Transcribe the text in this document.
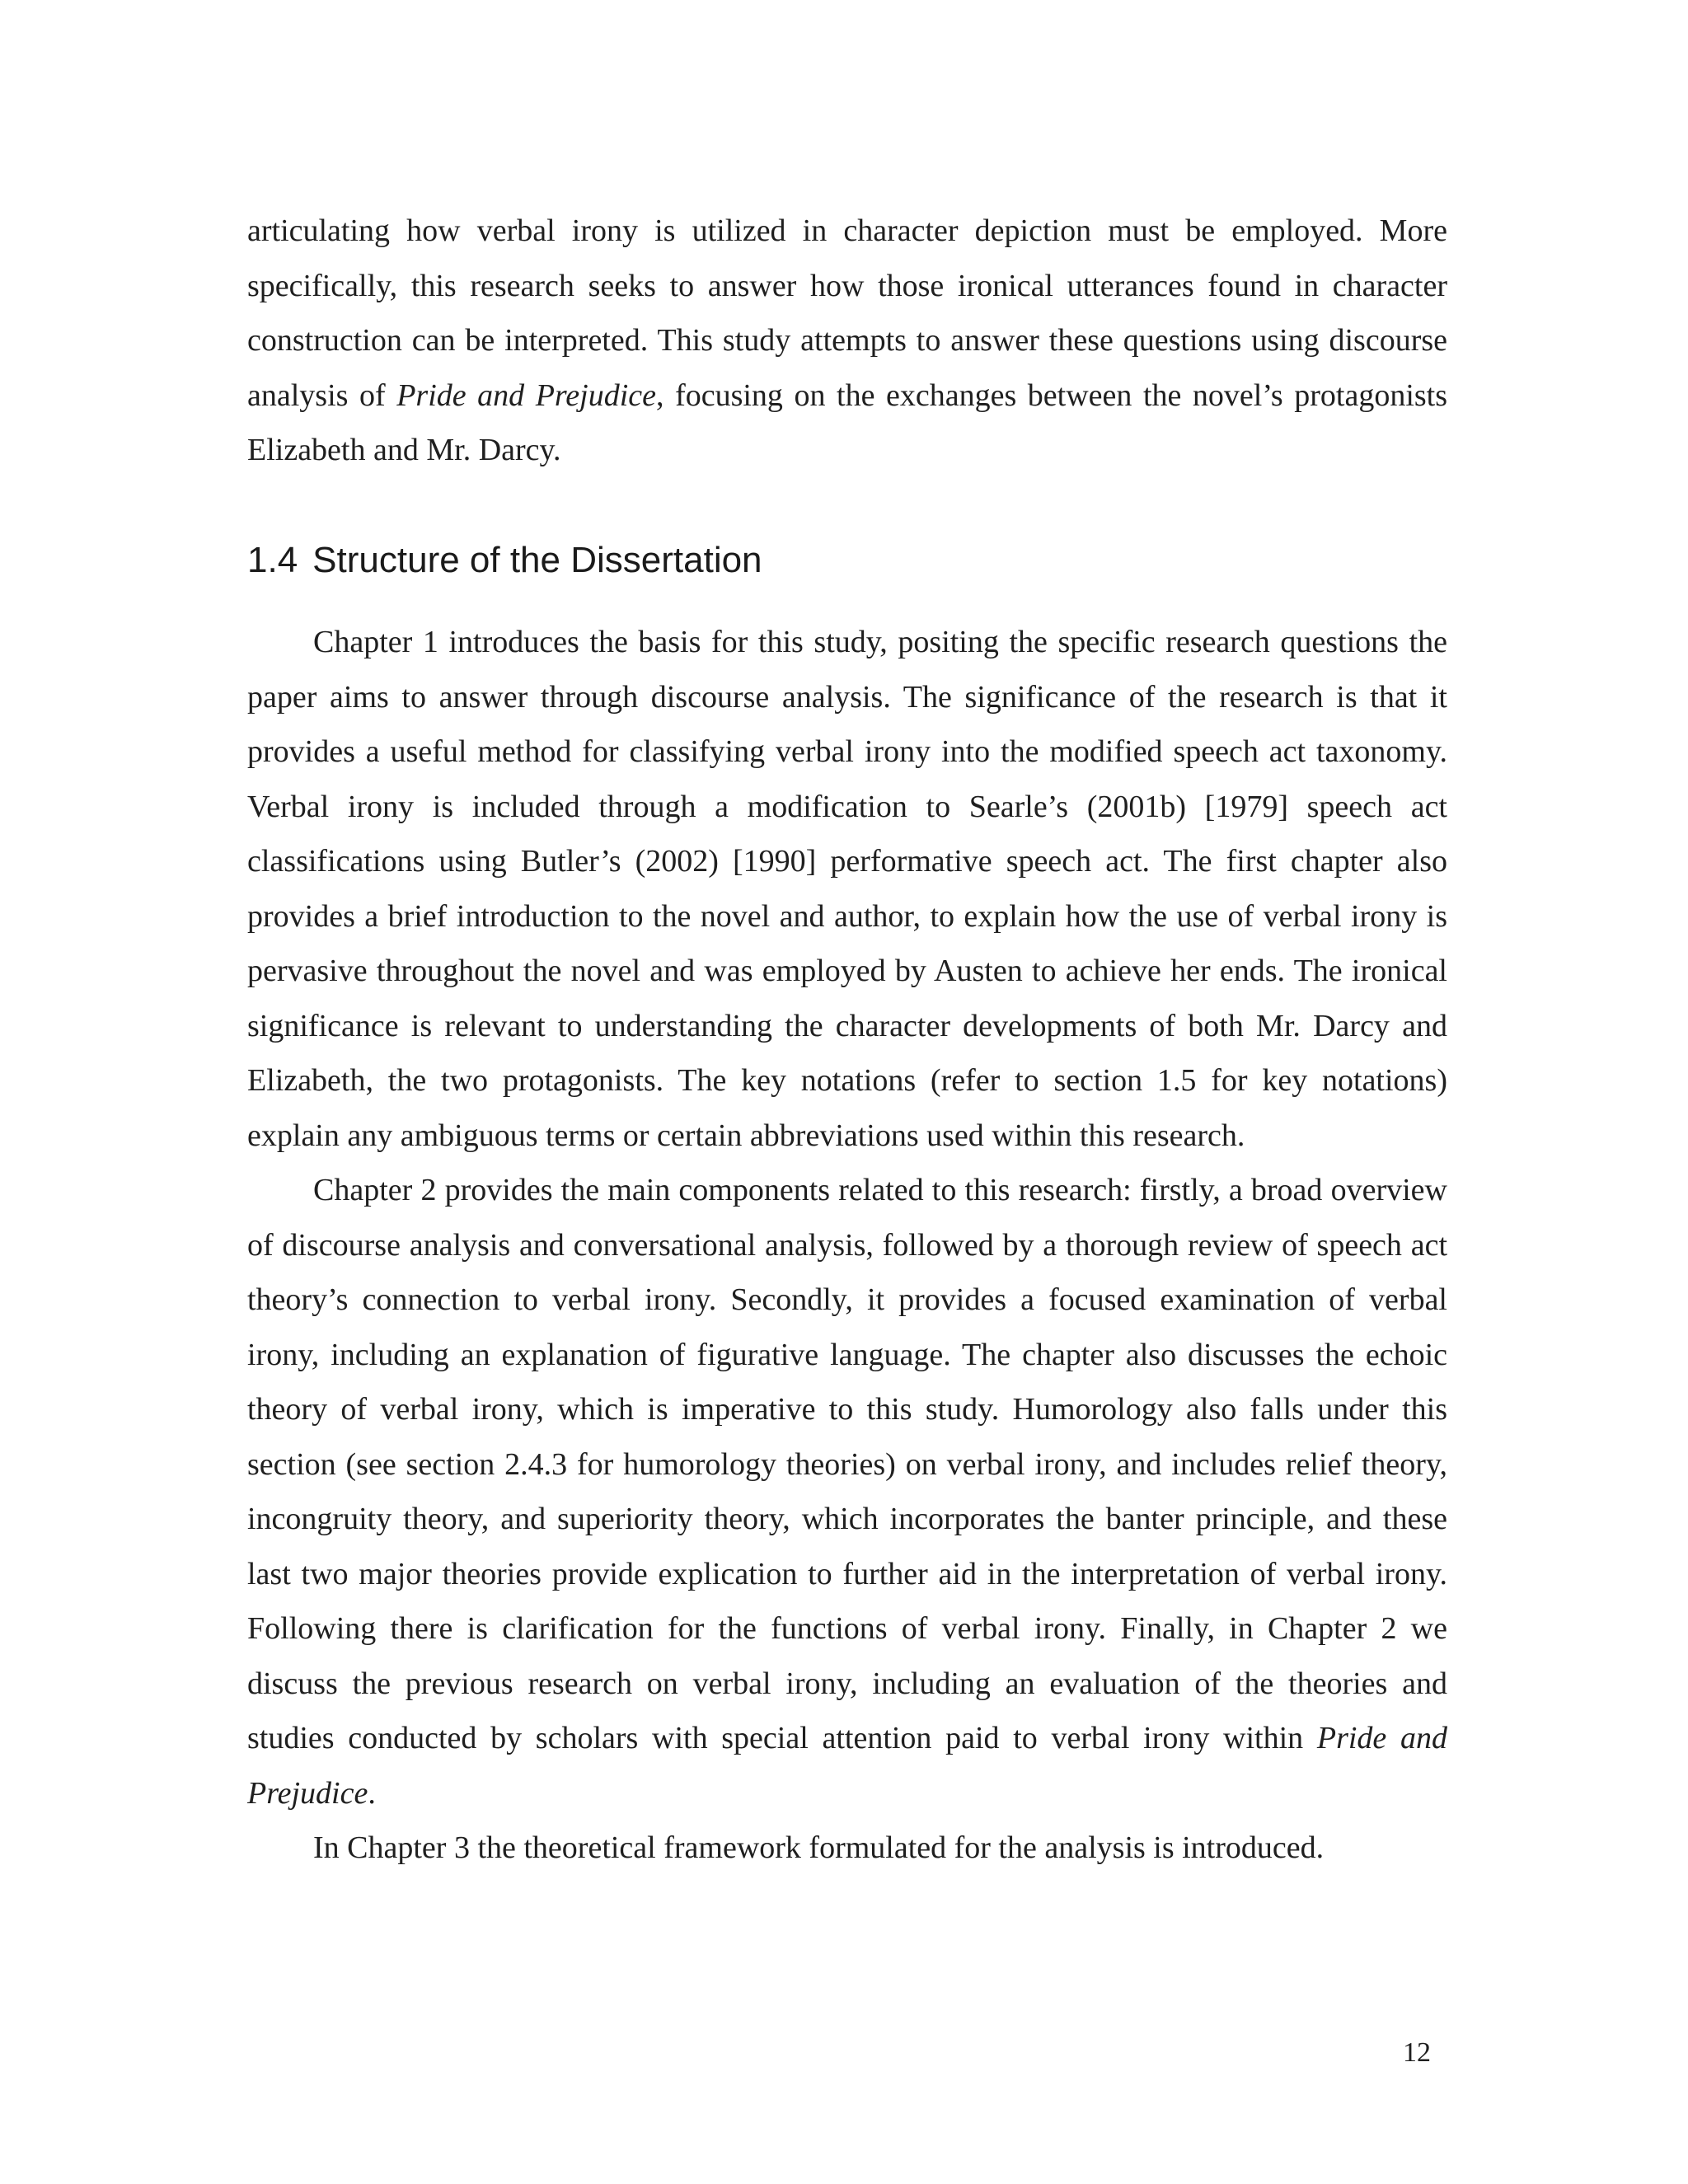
articulating how verbal irony is utilized in character depiction must be employed. More specifically, this research seeks to answer how those ironical utterances found in character construction can be interpreted. This study attempts to answer these questions using discourse analysis of Pride and Prejudice, focusing on the exchanges between the novel’s protagonists Elizabeth and Mr. Darcy.

1.4 Structure of the Dissertation

Chapter 1 introduces the basis for this study, positing the specific research questions the paper aims to answer through discourse analysis. The significance of the research is that it provides a useful method for classifying verbal irony into the modified speech act taxonomy. Verbal irony is included through a modification to Searle’s (2001b) [1979] speech act classifications using Butler’s (2002) [1990] performative speech act. The first chapter also provides a brief introduction to the novel and author, to explain how the use of verbal irony is pervasive throughout the novel and was employed by Austen to achieve her ends. The ironical significance is relevant to understanding the character developments of both Mr. Darcy and Elizabeth, the two protagonists. The key notations (refer to section 1.5 for key notations) explain any ambiguous terms or certain abbreviations used within this research.

Chapter 2 provides the main components related to this research: firstly, a broad overview of discourse analysis and conversational analysis, followed by a thorough review of speech act theory’s connection to verbal irony. Secondly, it provides a focused examination of verbal irony, including an explanation of figurative language. The chapter also discusses the echoic theory of verbal irony, which is imperative to this study. Humorology also falls under this section (see section 2.4.3 for humorology theories) on verbal irony, and includes relief theory, incongruity theory, and superiority theory, which incorporates the banter principle, and these last two major theories provide explication to further aid in the interpretation of verbal irony. Following there is clarification for the functions of verbal irony. Finally, in Chapter 2 we discuss the previous research on verbal irony, including an evaluation of the theories and studies conducted by scholars with special attention paid to verbal irony within Pride and Prejudice.

In Chapter 3 the theoretical framework formulated for the analysis is introduced.

12
